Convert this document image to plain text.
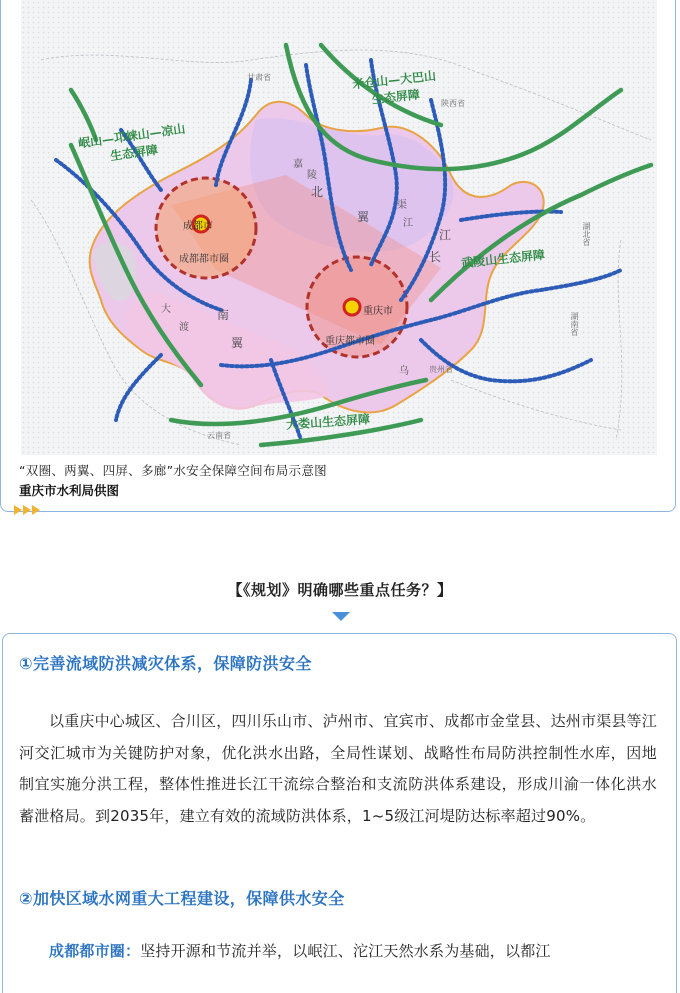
成都市
成都都市圈
重庆市
重庆都市圈
米仓山—大巴山
生态屏障
岷山—邛崃山—凉山
生态屏障
武陵山生态屏障
大娄山生态屏障
北
翼
南
翼
长
江
甘肃省
陕西省
湖北省
湖南省
贵州省
云南省
渠
江
大
渡
乌
嘉
陵
“双圈、两翼、四屏、多廊”水安全保障空间布局示意图
重庆市水利局供图
【《规划》明确哪些重点任务？】
①完善流域防洪减灾体系，保障防洪安全
以重庆中心城区、合川区，四川乐山市、泸州市、宜宾市、成都市金堂县、达州市渠县等江河交汇城市为关键防护对象，优化洪水出路，全局性谋划、战略性布局防洪控制性水库，因地制宜实施分洪工程，整体性推进长江干流综合整治和支流防洪体系建设，形成川渝一体化洪水蓄泄格局。到2035年，建立有效的流域防洪体系，1~5级江河堤防达标率超过90%。
②加快区域水网重大工程建设，保障供水安全
成都都市圈：坚持开源和节流并举，以岷江、沱江天然水系为基础，以都江
